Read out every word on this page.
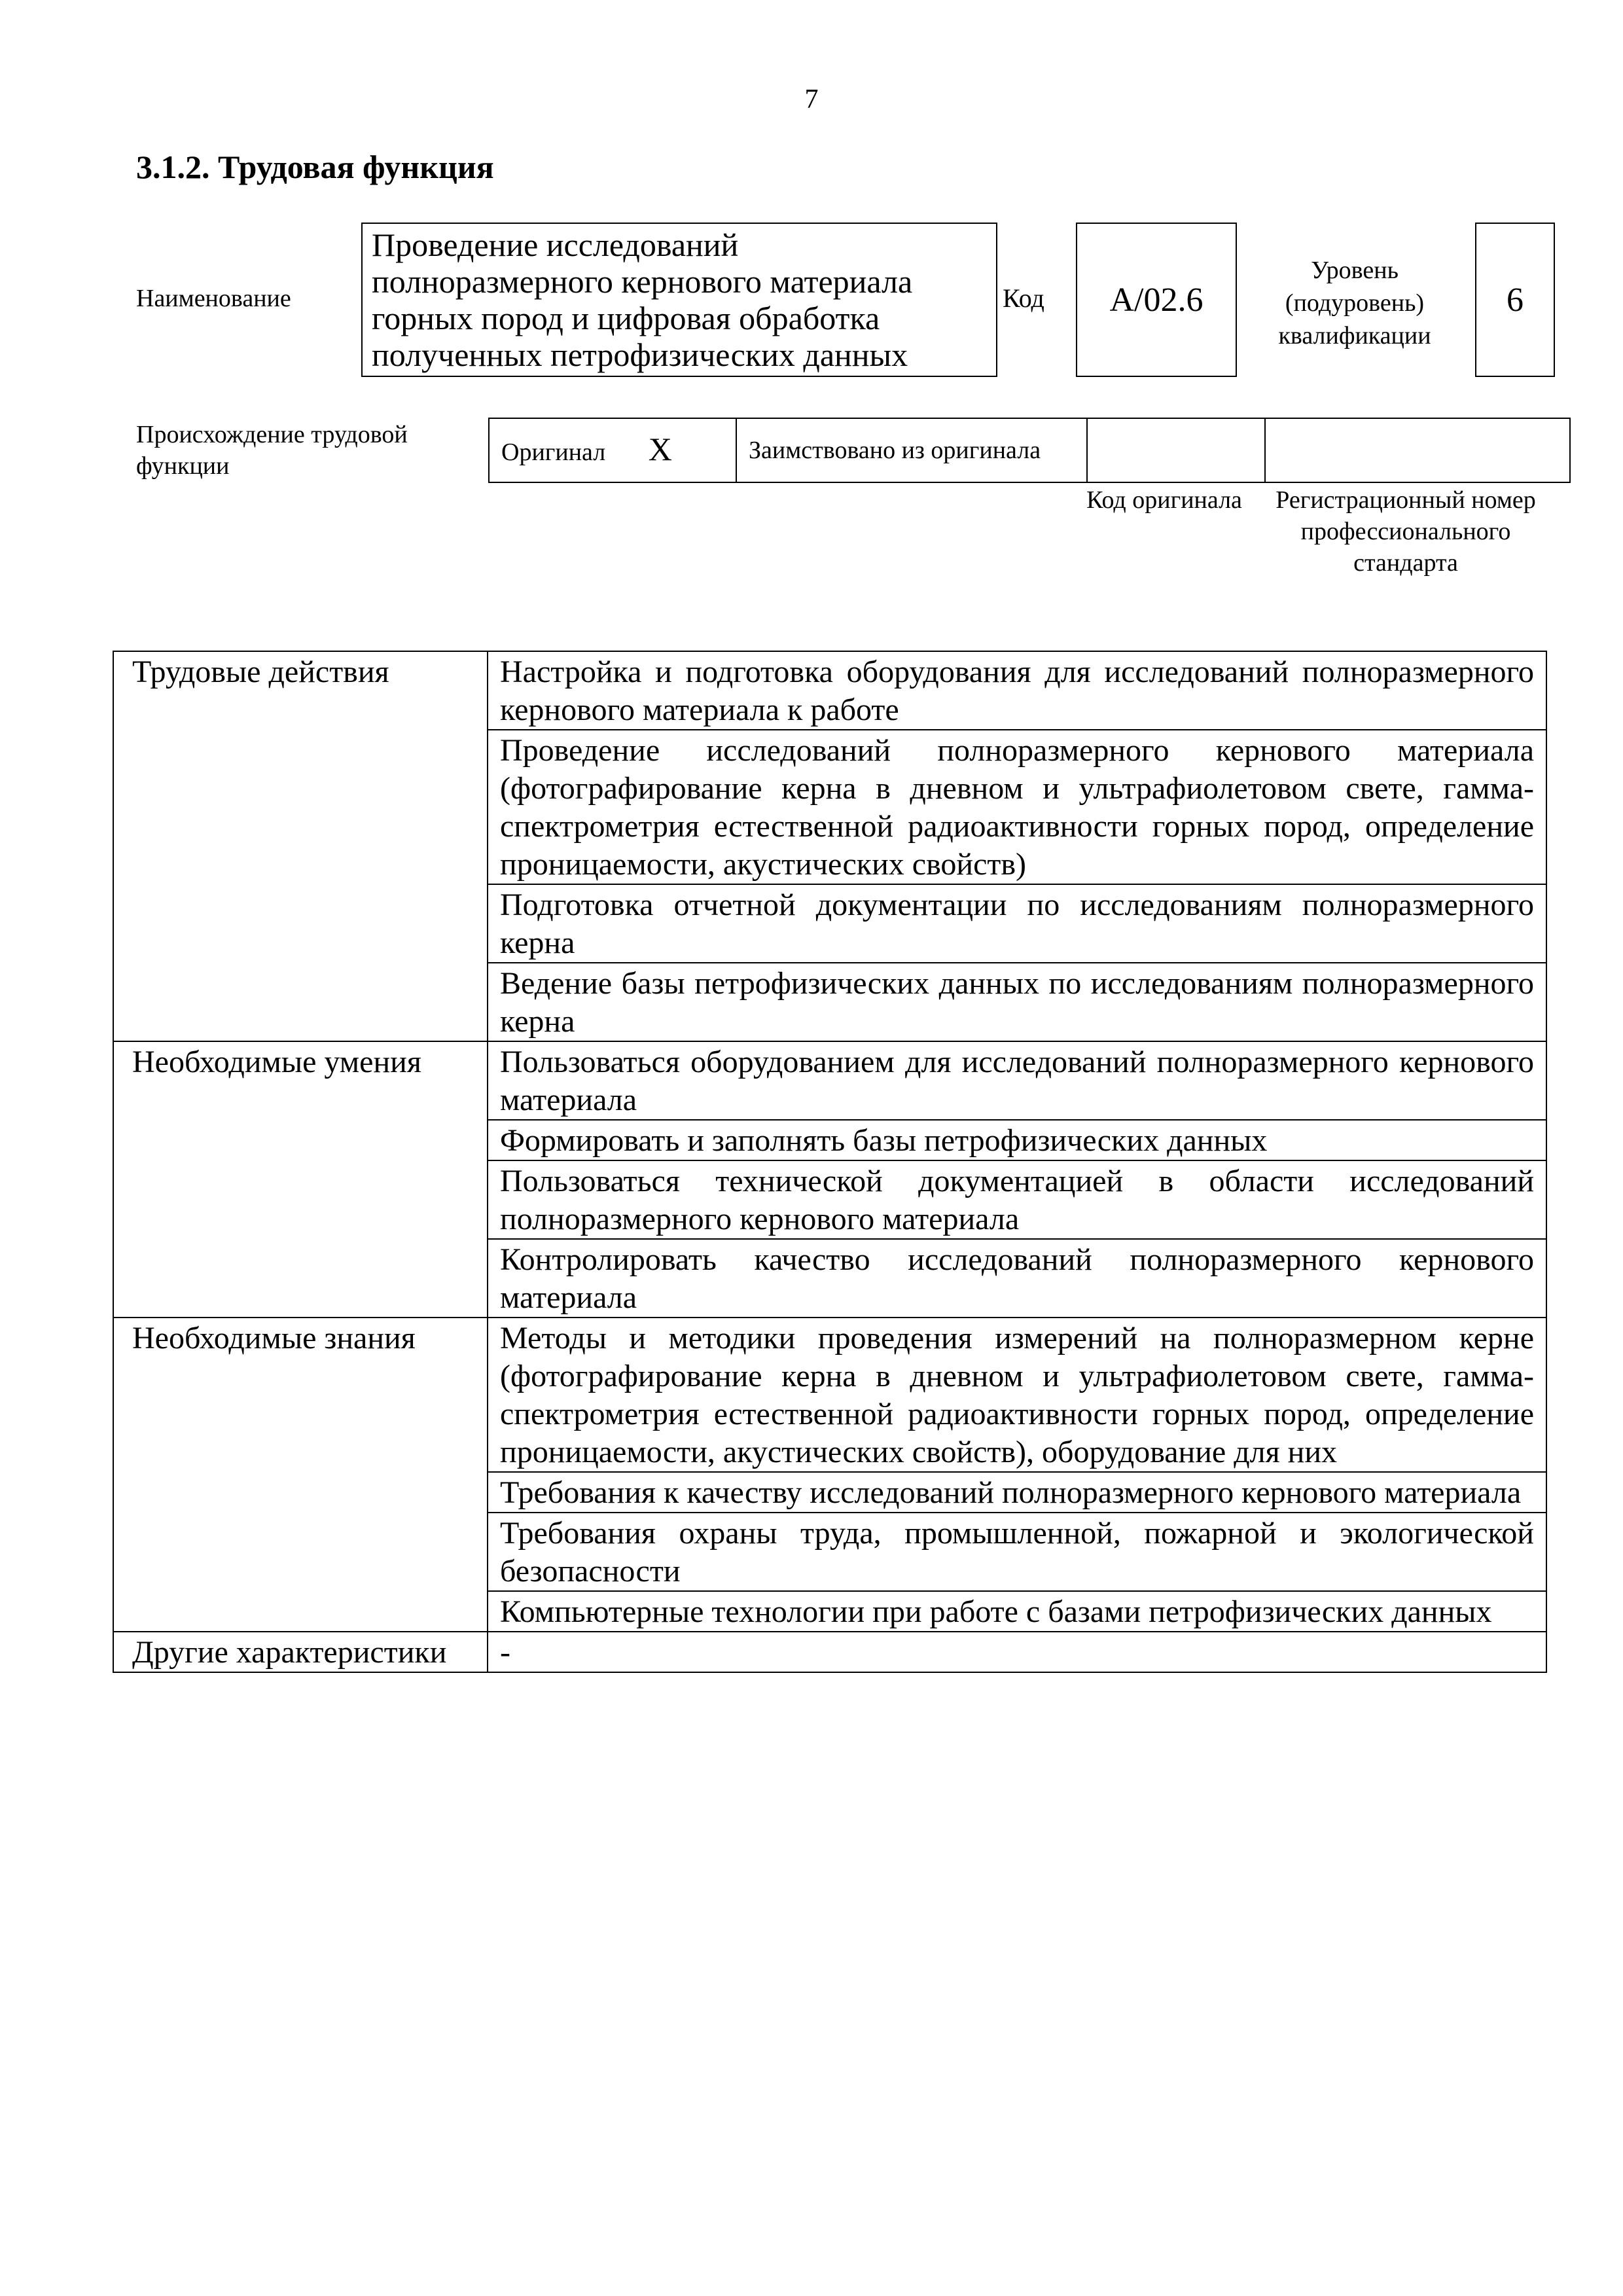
7
3.1.2. Трудовая функция
Наименование
Проведение исследований полноразмерного кернового материала горных пород и цифровая обработка полученных петрофизических данных
Код A/02.6
Уровень (подуровень) квалификации
6
Происхождение трудовой функции
Оригинал X	Заимствовано из оригинала		
Код оригинала	Регистрационный номер профессионального стандарта
Трудовые действия	Настройка и подготовка оборудования для исследований полноразмерного кернового материала к работе
	Проведение исследований полноразмерного кернового материала (фотографирование керна в дневном и ультрафиолетовом свете, гамма-спектрометрия естественной радиоактивности горных пород, определение проницаемости, акустических свойств)
	Подготовка отчетной документации по исследованиям полноразмерного керна
	Ведение базы петрофизических данных по исследованиям полноразмерного керна
Необходимые умения	Пользоваться оборудованием для исследований полноразмерного кернового материала
	Формировать и заполнять базы петрофизических данных
	Пользоваться технической документацией в области исследований полноразмерного кернового материала
	Контролировать качество исследований полноразмерного кернового материала
Необходимые знания	Методы и методики проведения измерений на полноразмерном керне (фотографирование керна в дневном и ультрафиолетовом свете, гамма-спектрометрия естественной радиоактивности горных пород, определение проницаемости, акустических свойств), оборудование для них
	Требования к качеству исследований полноразмерного кернового материала
	Требования охраны труда, промышленной, пожарной и экологической безопасности
	Компьютерные технологии при работе с базами петрофизических данных
Другие характеристики	-
